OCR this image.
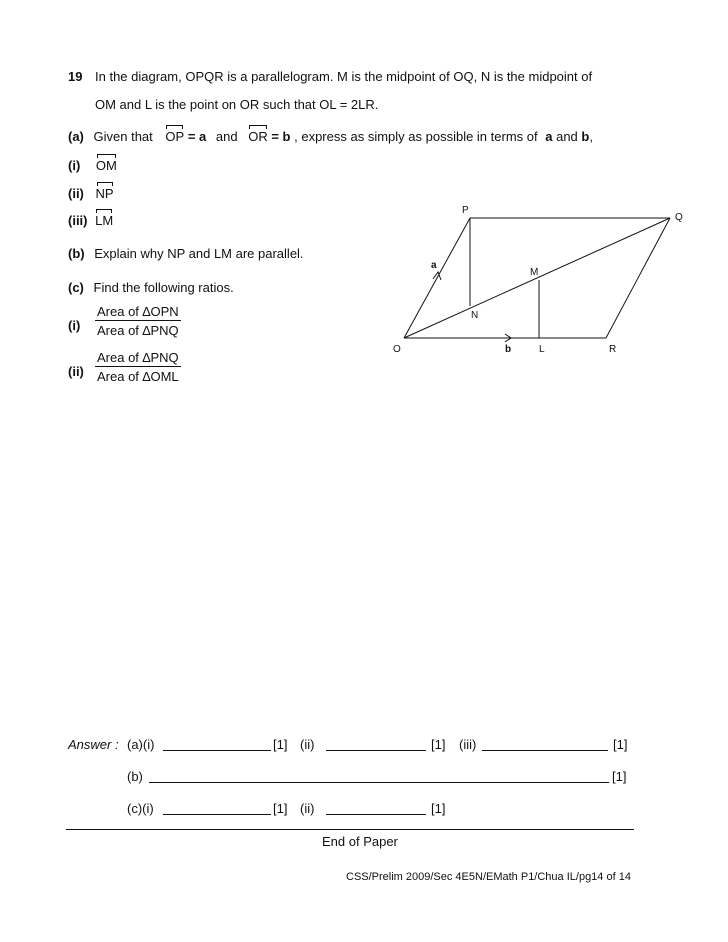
19 In the diagram, OPQR is a parallelogram. M is the midpoint of OQ, N is the midpoint of
OM and L is the point on OR such that OL = 2LR.
(a) Given that OP = a and OR = b , express as simply as possible in terms of a and b,
(i) OM
(ii) NP
(iii) LM
(b) Explain why NP and LM are parallel.
(c) Find the following ratios.
(i)
Area of ∆OPN
Area of ∆PNQ
(ii)
Area of ∆PNQ
Area of ∆OML
P
Q
O	R
M
N
L
a
b
Answer : (a)(i)	[1] (ii)	[1] (iii)	[1]
(b)	[1]
(c)(i)	[1] (ii)	[1]
End of Paper
CSS/Prelim 2009/Sec 4E5N/EMath P1/Chua IL/pg14 of 14
